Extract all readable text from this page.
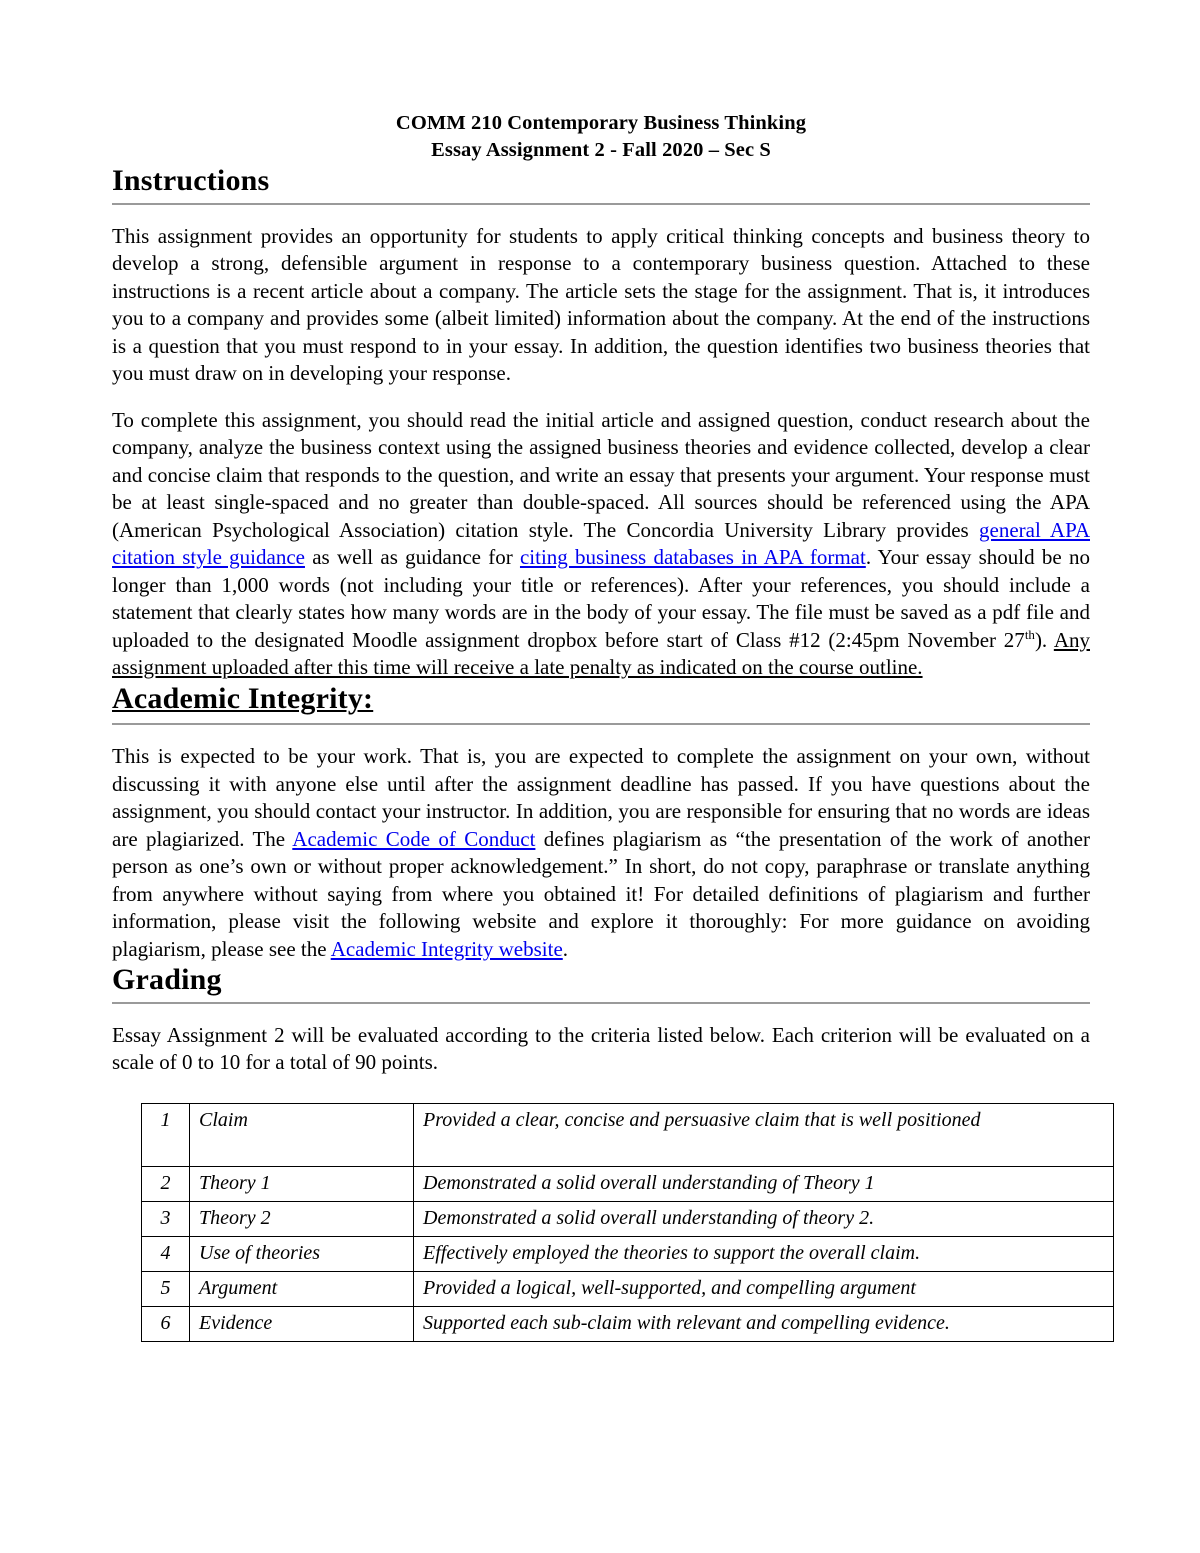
COMM 210 Contemporary Business Thinking
Essay Assignment 2 - Fall 2020 – Sec S
Instructions

This assignment provides an opportunity for students to apply critical thinking concepts and business theory to develop a strong, defensible argument in response to a contemporary business question. Attached to these instructions is a recent article about a company. The article sets the stage for the assignment. That is, it introduces you to a company and provides some (albeit limited) information about the company. At the end of the instructions is a question that you must respond to in your essay. In addition, the question identifies two business theories that you must draw on in developing your response.

To complete this assignment, you should read the initial article and assigned question, conduct research about the company, analyze the business context using the assigned business theories and evidence collected, develop a clear and concise claim that responds to the question, and write an essay that presents your argument. Your response must be at least single-spaced and no greater than double-spaced. All sources should be referenced using the APA (American Psychological Association) citation style. The Concordia University Library provides general APA citation style guidance as well as guidance for citing business databases in APA format. Your essay should be no longer than 1,000 words (not including your title or references). After your references, you should include a statement that clearly states how many words are in the body of your essay. The file must be saved as a pdf file and uploaded to the designated Moodle assignment dropbox before start of Class #12 (2:45pm November 27th). Any assignment uploaded after this time will receive a late penalty as indicated on the course outline.

Academic Integrity:

This is expected to be your work. That is, you are expected to complete the assignment on your own, without discussing it with anyone else until after the assignment deadline has passed. If you have questions about the assignment, you should contact your instructor. In addition, you are responsible for ensuring that no words are ideas are plagiarized. The Academic Code of Conduct defines plagiarism as “the presentation of the work of another person as one’s own or without proper acknowledgement.” In short, do not copy, paraphrase or translate anything from anywhere without saying from where you obtained it! For detailed definitions of plagiarism and further information, please visit the following website and explore it thoroughly: For more guidance on avoiding plagiarism, please see the Academic Integrity website.

Grading

Essay Assignment 2 will be evaluated according to the criteria listed below. Each criterion will be evaluated on a scale of 0 to 10 for a total of 90 points.

1	Claim	Provided a clear, concise and persuasive claim that is well positioned
2	Theory 1	Demonstrated a solid overall understanding of Theory 1
3	Theory 2	Demonstrated a solid overall understanding of theory 2.
4	Use of theories	Effectively employed the theories to support the overall claim.
5	Argument	Provided a logical, well-supported, and compelling argument
6	Evidence	Supported each sub-claim with relevant and compelling evidence.
